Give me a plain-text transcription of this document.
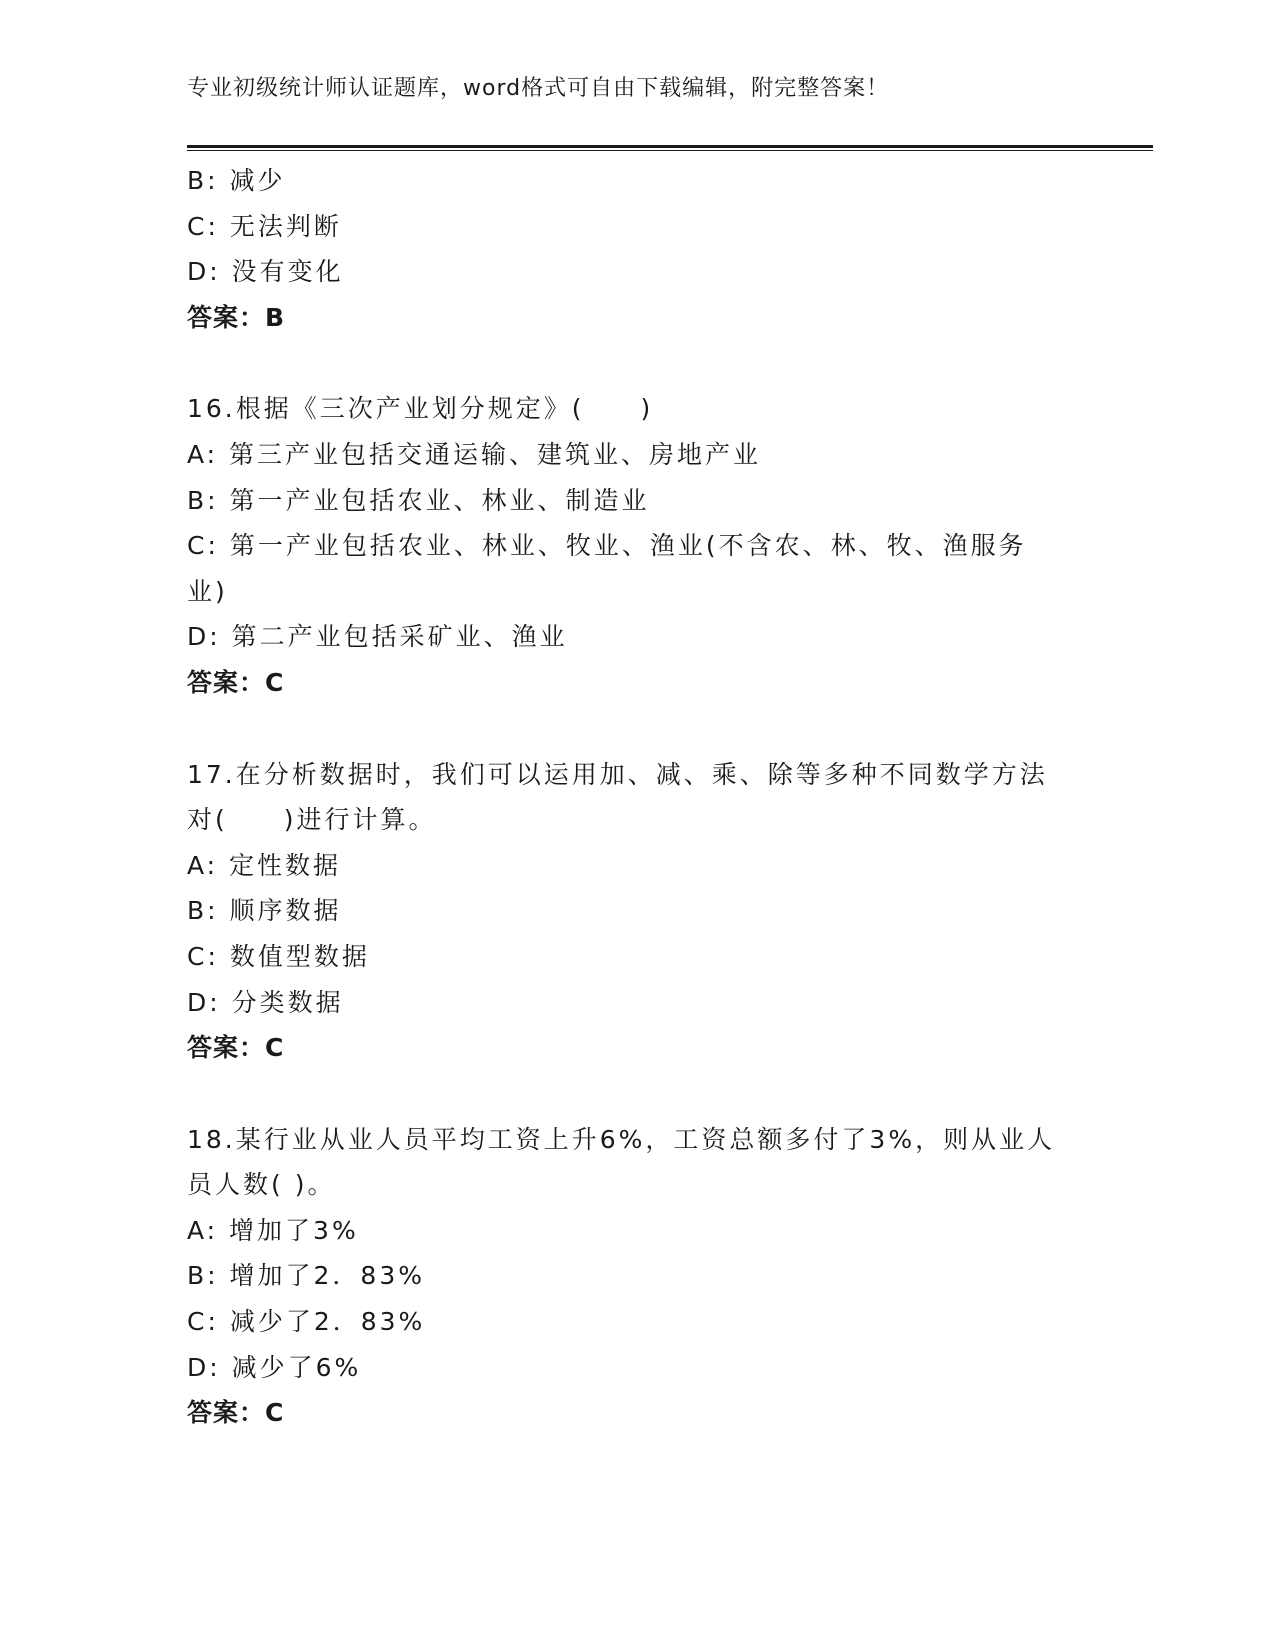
专业初级统计师认证题库，word格式可自由下载编辑，附完整答案！
B: 减少
C: 无法判断
D: 没有变化
答案：B
16.根据《三次产业划分规定》(　　)
A: 第三产业包括交通运输、建筑业、房地产业
B: 第一产业包括农业、林业、制造业
C: 第一产业包括农业、林业、牧业、渔业(不含农、林、牧、渔服务
业)
D: 第二产业包括采矿业、渔业
答案：C
17.在分析数据时，我们可以运用加、减、乘、除等多种不同数学方法
对(　　)进行计算。
A: 定性数据
B: 顺序数据
C: 数值型数据
D: 分类数据
答案：C
18.某行业从业人员平均工资上升6%，工资总额多付了3%，则从业人
员人数( )。
A: 增加了3%
B: 增加了2．83%
C: 减少了2．83%
D: 减少了6%
答案：C
